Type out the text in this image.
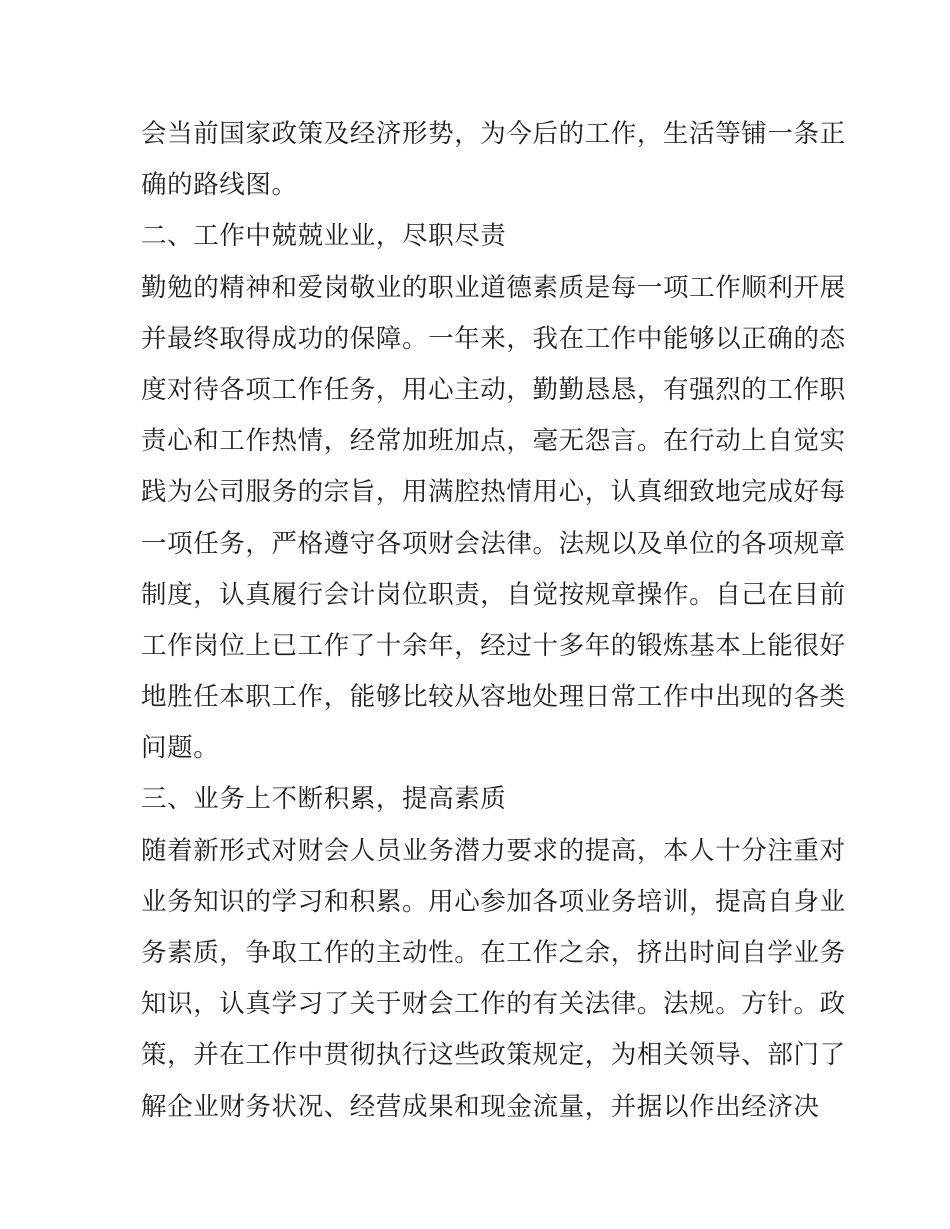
会当前国家政策及经济形势，为今后的工作，生活等铺一条正
确的路线图。
二、工作中兢兢业业，尽职尽责
勤勉的精神和爱岗敬业的职业道德素质是每一项工作顺利开展
并最终取得成功的保障。一年来，我在工作中能够以正确的态
度对待各项工作任务，用心主动，勤勤恳恳，有强烈的工作职
责心和工作热情，经常加班加点，毫无怨言。在行动上自觉实
践为公司服务的宗旨，用满腔热情用心，认真细致地完成好每
一项任务，严格遵守各项财会法律。法规以及单位的各项规章
制度，认真履行会计岗位职责，自觉按规章操作。自己在目前
工作岗位上已工作了十余年，经过十多年的锻炼基本上能很好
地胜任本职工作，能够比较从容地处理日常工作中出现的各类
问题。
三、业务上不断积累，提高素质
随着新形式对财会人员业务潜力要求的提高，本人十分注重对
业务知识的学习和积累。用心参加各项业务培训，提高自身业
务素质，争取工作的主动性。在工作之余，挤出时间自学业务
知识，认真学习了关于财会工作的有关法律。法规。方针。政
策，并在工作中贯彻执行这些政策规定，为相关领导、部门了
解企业财务状况、经营成果和现金流量，并据以作出经济决
